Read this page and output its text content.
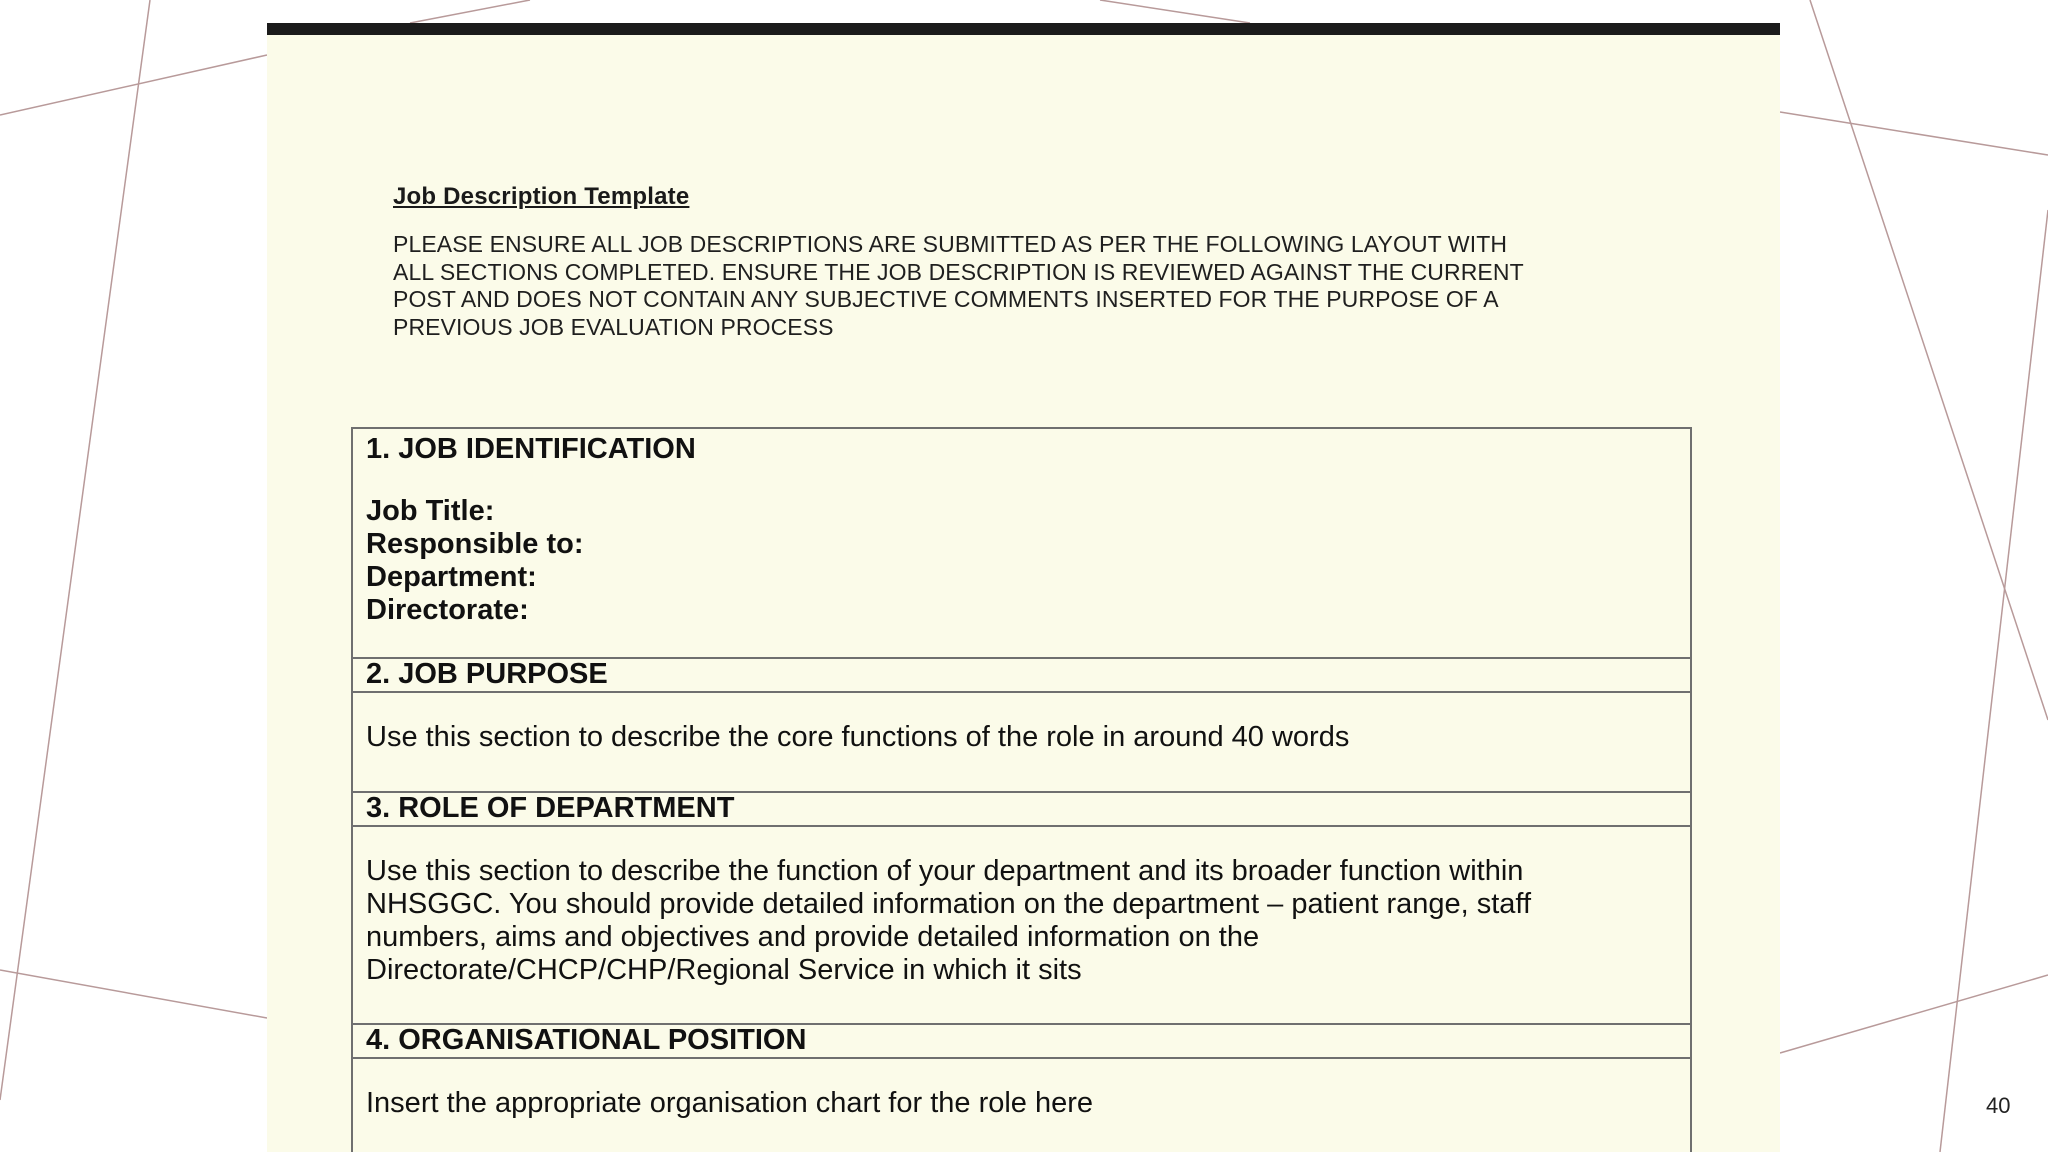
Job Description Template
PLEASE ENSURE ALL JOB DESCRIPTIONS ARE SUBMITTED AS PER THE FOLLOWING LAYOUT WITH
ALL SECTIONS COMPLETED. ENSURE THE JOB DESCRIPTION IS REVIEWED AGAINST THE CURRENT
POST AND DOES NOT CONTAIN ANY SUBJECTIVE COMMENTS INSERTED FOR THE PURPOSE OF A
PREVIOUS JOB EVALUATION PROCESS
1. JOB IDENTIFICATION
Job Title:
Responsible to:
Department:
Directorate:
2. JOB PURPOSE
Use this section to describe the core functions of the role in around 40 words
3. ROLE OF DEPARTMENT
Use this section to describe the function of your department and its broader function within
NHSGGC. You should provide detailed information on the department – patient range, staff
numbers, aims and objectives and provide detailed information on the
Directorate/CHCP/CHP/Regional Service in which it sits
4. ORGANISATIONAL POSITION
Insert the appropriate organisation chart for the role here	40
